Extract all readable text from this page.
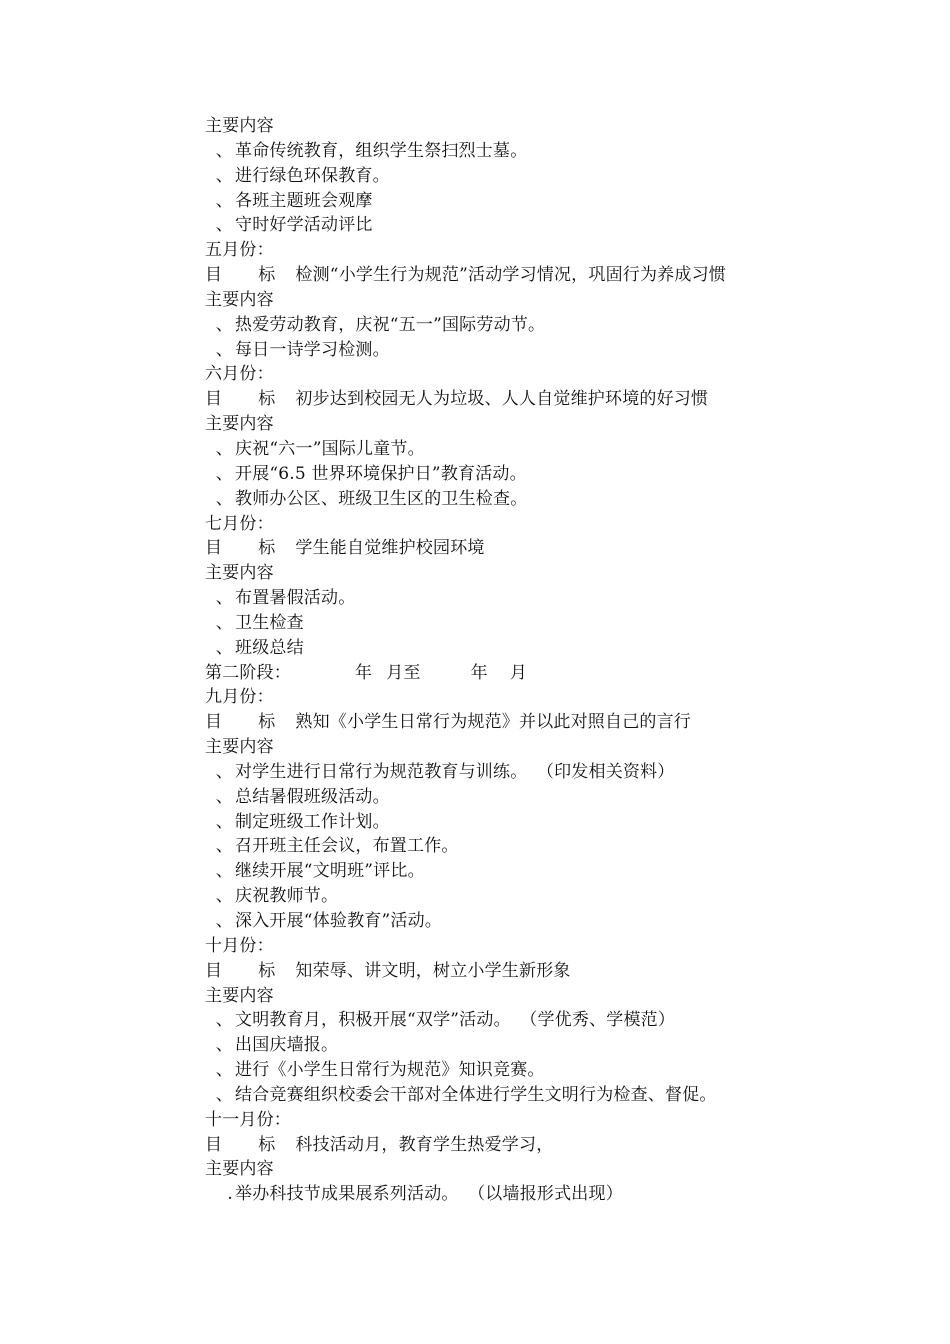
主要内容
、 革命传统教育，组织学生祭扫烈士墓。
、 进行绿色环保教育。
、 各班主题班会观摩
、 守时好学活动评比
五月份：
目 标 检测“小学生行为规范”活动学习情况，巩固行为养成习惯
主要内容
、 热爱劳动教育，庆祝“五一”国际劳动节。
、 每日一诗学习检测。
六月份：
目 标 初步达到校园无人为垃圾、人人自觉维护环境的好习惯
主要内容
、 庆祝“六一”国际儿童节。
、 开展“6.5 世界环境保护日”教育活动。
、 教师办公区、班级卫生区的卫生检查。
七月份：
目 标 学生能自觉维护校园环境
主要内容
、 布置暑假活动。
、 卫生检查
、 班级总结
第二阶段：	年 月至	年 月
九月份：
目 标 熟知《小学生日常行为规范》并以此对照自己的言行
主要内容
、 对学生进行日常行为规范教育与训练。 （印发相关资料）
、 总结暑假班级活动。
、 制定班级工作计划。
、 召开班主任会议，布置工作。
、 继续开展“文明班”评比。
、 庆祝教师节。
、 深入开展“体验教育”活动。
十月份：
目 标 知荣辱、讲文明，树立小学生新形象
主要内容
、 文明教育月，积极开展“双学”活动。 （学优秀、学模范）
、 出国庆墙报。
、 进行《小学生日常行为规范》知识竞赛。
、 结合竞赛组织校委会干部对全体进行学生文明行为检查、督促。
十一月份：
目 标 科技活动月，教育学生热爱学习，
主要内容
. 举办科技节成果展系列活动。 （以墙报形式出现）
